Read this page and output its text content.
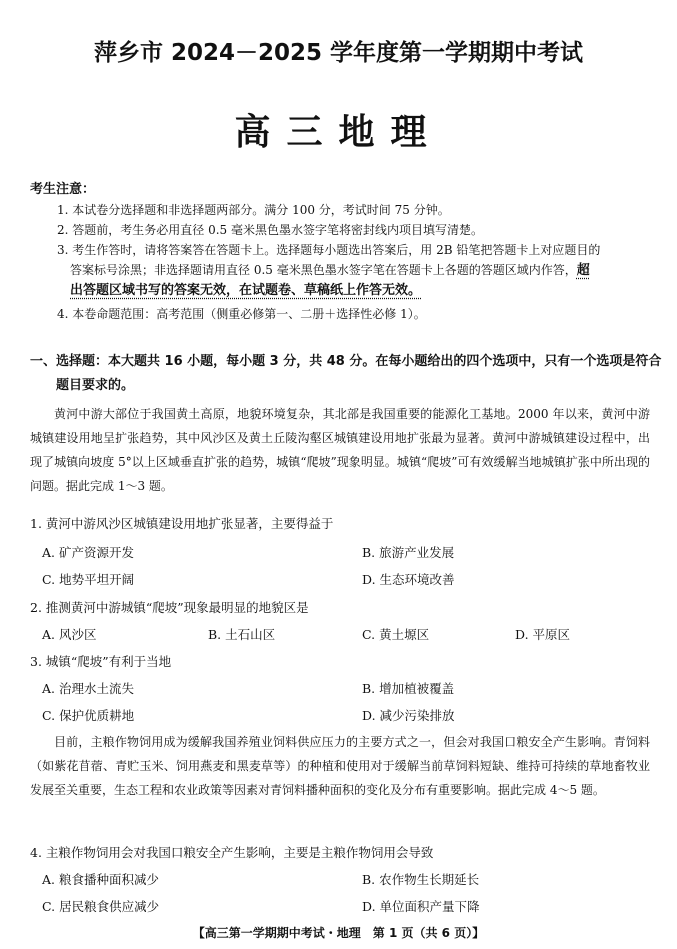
萍乡市 2024－2025 学年度第一学期期中考试
高三地理
考生注意：
1. 本试卷分选择题和非选择题两部分。满分 100 分，考试时间 75 分钟。
2. 答题前，考生务必用直径 0.5 毫米黑色墨水签字笔将密封线内项目填写清楚。
3. 考生作答时，请将答案答在答题卡上。选择题每小题选出答案后，用 2B 铅笔把答题卡上对应题目的
答案标号涂黑；非选择题请用直径 0.5 毫米黑色墨水签字笔在答题卡上各题的答题区域内作答，超
出答题区域书写的答案无效，在试题卷、草稿纸上作答无效。
4. 本卷命题范围：高考范围（侧重必修第一、二册＋选择性必修 1）。
一、选择题：本大题共 16 小题，每小题 3 分，共 48 分。在每小题给出的四个选项中，只有一个选项是符合
题目要求的。

黄河中游大部位于我国黄土高原，地貌环境复杂，其北部是我国重要的能源化工基地。2000 年以来，黄河中游城镇建设用地呈扩张趋势，其中风沙区及黄土丘陵沟壑区城镇建设用地扩张最为显著。黄河中游城镇建设过程中，出现了城镇向坡度 5°以上区域垂直扩张的趋势，城镇“爬坡”现象明显。城镇“爬坡”可有效缓解当地城镇扩张中所出现的问题。据此完成 1～3 题。

1. 黄河中游风沙区城镇建设用地扩张显著，主要得益于
A. 矿产资源开发	B. 旅游产业发展
C. 地势平坦开阔	D. 生态环境改善
2. 推测黄河中游城镇“爬坡”现象最明显的地貌区是
A. 风沙区	B. 土石山区	C. 黄土塬区	D. 平原区
3. 城镇“爬坡”有利于当地
A. 治理水土流失	B. 增加植被覆盖
C. 保护优质耕地	D. 减少污染排放

目前，主粮作物饲用成为缓解我国养殖业饲料供应压力的主要方式之一，但会对我国口粮安全产生影响。青饲料（如紫花苜蓿、青贮玉米、饲用燕麦和黑麦草等）的种植和使用对于缓解当前草饲料短缺、维持可持续的草地畜牧业发展至关重要，生态工程和农业政策等因素对青饲料播种面积的变化及分布有重要影响。据此完成 4～5 题。

4. 主粮作物饲用会对我国口粮安全产生影响，主要是主粮作物饲用会导致
A. 粮食播种面积减少	B. 农作物生长期延长
C. 居民粮食供应减少	D. 单位面积产量下降
【高三第一学期期中考试・地理　第 1 页（共 6 页）】
